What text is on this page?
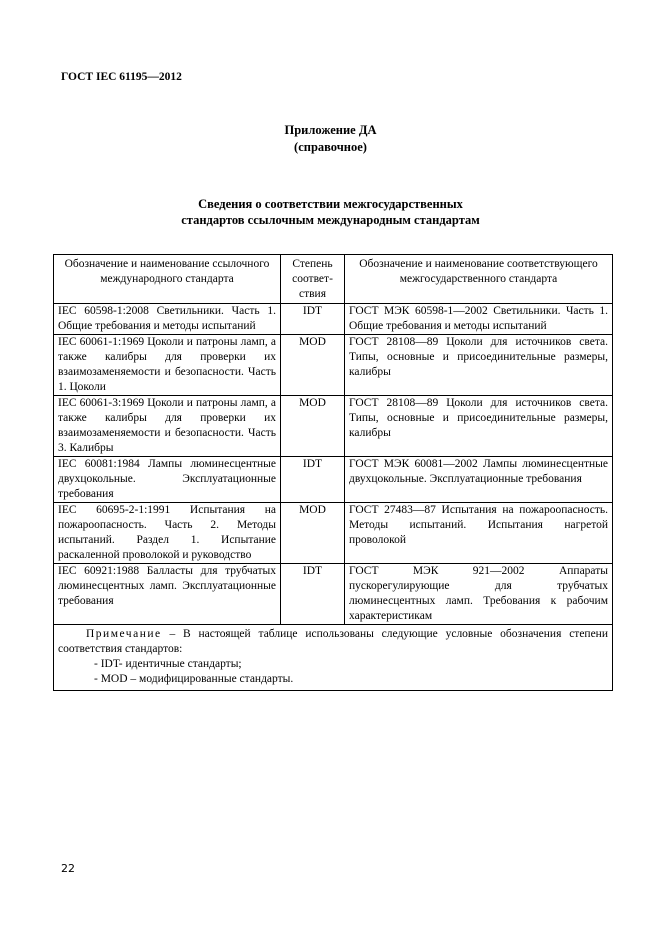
ГОСТ IEC 61195—2012
Приложение ДА
(справочное)
Сведения о соответствии межгосударственных
стандартов ссылочным международным стандартам
Обозначение и наименование ссылочного международного стандарта	Степень соответ-ствия	Обозначение и наименование соответствующего межгосударственного стандарта
IEC 60598-1:2008 Светильники. Часть 1. Общие требования и методы испытаний	IDT	ГОСТ МЭК 60598-1—2002 Светильники. Часть 1. Общие требования и методы испытаний
IEC 60061-1:1969 Цоколи и патроны ламп, а также калибры для проверки их взаимозаменяемости и безопасности. Часть 1. Цоколи	MOD	ГОСТ 28108—89 Цоколи для источников света. Типы, основные и присоединительные размеры, калибры
IEC 60061-3:1969 Цоколи и патроны ламп, а также калибры для проверки их взаимозаменяемости и безопасности. Часть 3. Калибры	MOD	ГОСТ 28108—89 Цоколи для источников света. Типы, основные и присоединительные размеры, калибры
IEC 60081:1984 Лампы люминесцентные двухцокольные. Эксплуатационные требования	IDT	ГОСТ МЭК 60081—2002 Лампы люминесцентные двухцокольные. Эксплуатационные требования
IEC 60695-2-1:1991 Испытания на пожароопасность. Часть 2. Методы испытаний. Раздел 1. Испытание раскаленной проволокой и руководство	MOD	ГОСТ 27483—87 Испытания на пожароопасность. Методы испытаний. Испытания нагретой проволокой
IEC 60921:1988 Балласты для трубчатых люминесцентных ламп. Эксплуатационные требования	IDT	ГОСТ МЭК 921—2002 Аппараты пускорегулирующие для трубчатых люминесцентных ламп. Требования к рабочим характеристикам

Примечание – В настоящей таблице использованы следующие условные обозначения степени соответствия стандартов:
- IDT- идентичные стандарты;
- MOD – модифицированные стандарты.		
22
